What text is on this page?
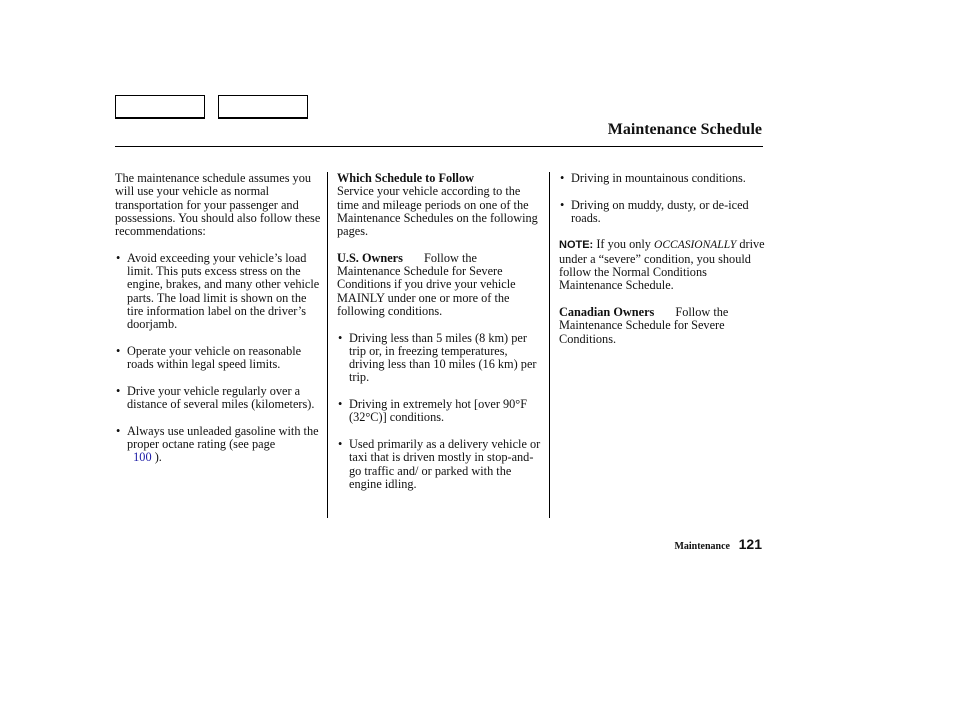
Maintenance Schedule

The maintenance schedule assumes you will use your vehicle as normal transportation for your passenger and possessions. You should also follow these recommendations:

• Avoid exceeding your vehicle’s load limit. This puts excess stress on the engine, brakes, and many other vehicle parts. The load limit is shown on the tire information label on the driver’s doorjamb.
• Operate your vehicle on reasonable roads within legal speed limits.
• Drive your vehicle regularly over a distance of several miles (kilometers).
• Always use unleaded gasoline with the proper octane rating (see page
100 ).

Which Schedule to Follow
Service your vehicle according to the time and mileage periods on one of the Maintenance Schedules on the following pages.

U.S. Owners Follow the Maintenance Schedule for Severe Conditions if you drive your vehicle MAINLY under one or more of the following conditions.

• Driving less than 5 miles (8 km) per trip or, in freezing temperatures, driving less than 10 miles (16 km) per trip.
• Driving in extremely hot [over 90°F (32°C)] conditions.
• Used primarily as a delivery vehicle or taxi that is driven mostly in stop-and-go traffic and/ or parked with the engine idling.
• Driving in mountainous conditions.
• Driving on muddy, dusty, or de-iced roads.

NOTE: If you only OCCASIONALLY drive under a “severe” condition, you should follow the Normal Conditions Maintenance Schedule.

Canadian Owners Follow the Maintenance Schedule for Severe Conditions.

Maintenance 121
